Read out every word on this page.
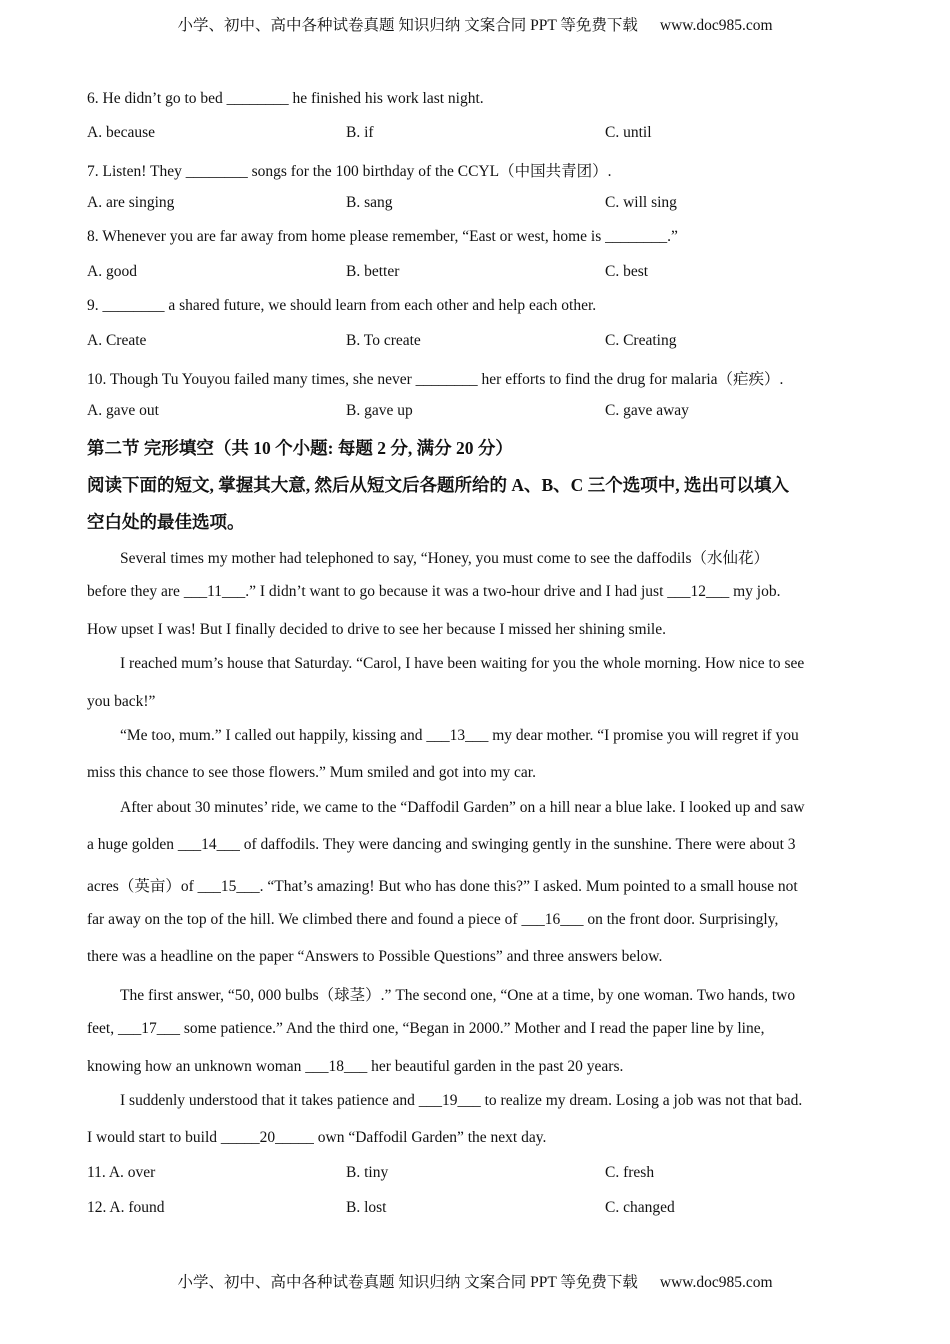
小学、初中、高中各种试卷真题 知识归纳 文案合同 PPT 等免费下载 www.doc985.com
6. He didn’t go to bed ________ he finished his work last night.
A. because	B. if	C. until
7. Listen! They ________ songs for the 100 birthday of the CCYL（中国共青团）.
A. are singing	B. sang	C. will sing
8. Whenever you are far away from home please remember, “East or west, home is ________.”
A. good	B. better	C. best
9. ________ a shared future, we should learn from each other and help each other.
A. Create	B. To create	C. Creating
10. Though Tu Youyou failed many times, she never ________ her efforts to find the drug for malaria（疟疾）.
A. gave out	B. gave up	C. gave away
第二节 完形填空（共 10 个小题: 每题 2 分, 满分 20 分）
阅读下面的短文, 掌握其大意, 然后从短文后各题所给的 A、B、C 三个选项中, 选出可以填入
空白处的最佳选项。
Several times my mother had telephoned to say, “Honey, you must come to see the daffodils（水仙花）
before they are ___11___.” I didn’t want to go because it was a two-hour drive and I had just ___12___ my job.
How upset I was! But I finally decided to drive to see her because I missed her shining smile.
I reached mum’s house that Saturday. “Carol, I have been waiting for you the whole morning. How nice to see
you back!”
“Me too, mum.” I called out happily, kissing and ___13___ my dear mother. “I promise you will regret if you
miss this chance to see those flowers.” Mum smiled and got into my car.
After about 30 minutes’ ride, we came to the “Daffodil Garden” on a hill near a blue lake. I looked up and saw
a huge golden ___14___ of daffodils. They were dancing and swinging gently in the sunshine. There were about 3
acres（英亩）of ___15___. “That’s amazing! But who has done this?” I asked. Mum pointed to a small house not
far away on the top of the hill. We climbed there and found a piece of ___16___ on the front door. Surprisingly,
there was a headline on the paper “Answers to Possible Questions” and three answers below.
The first answer, “50, 000 bulbs（球茎）.” The second one, “One at a time, by one woman. Two hands, two
feet, ___17___ some patience.” And the third one, “Began in 2000.” Mother and I read the paper line by line,
knowing how an unknown woman ___18___ her beautiful garden in the past 20 years.
I suddenly understood that it takes patience and ___19___ to realize my dream. Losing a job was not that bad.
I would start to build _____20_____ own “Daffodil Garden” the next day.
11. A. over	B. tiny	C. fresh
12. A. found	B. lost	C. changed
小学、初中、高中各种试卷真题 知识归纳 文案合同 PPT 等免费下载 www.doc985.com
